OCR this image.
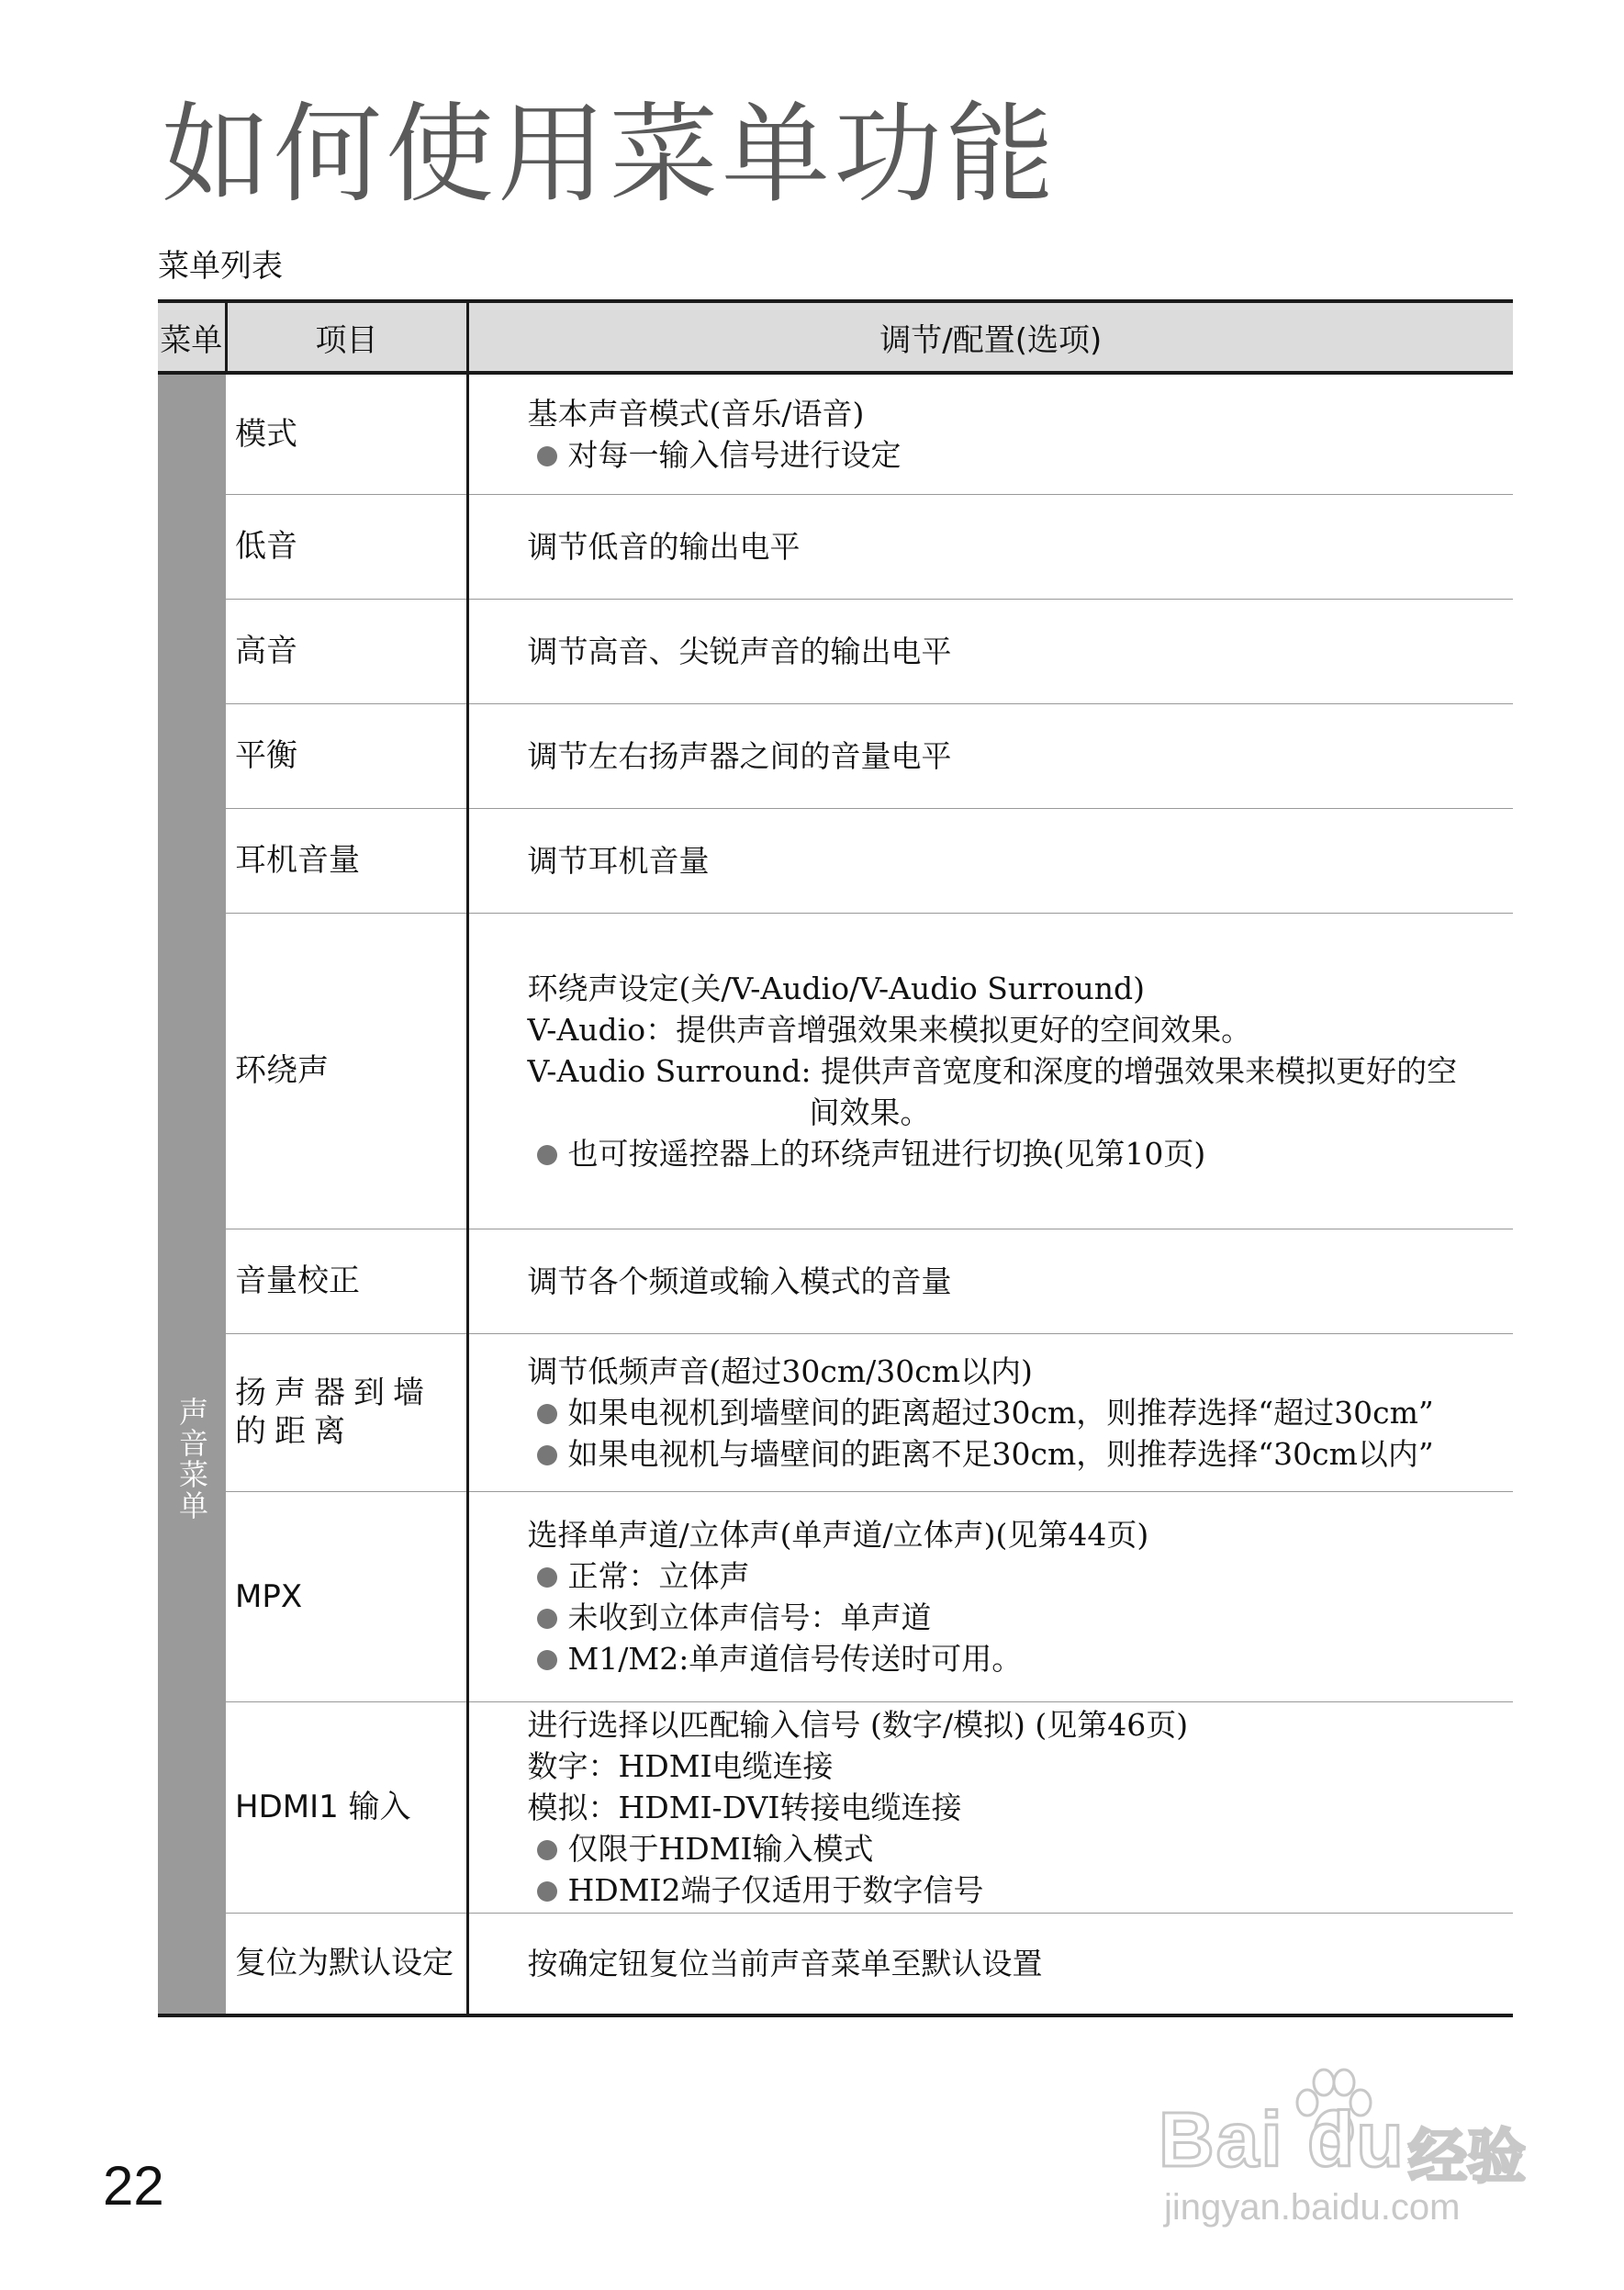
如何使用菜单功能
菜单列表
菜单	项目	调节/配置(选项)
声音菜单	模式	基本声音模式(音乐/语音)
对每一输入信号进行设定

	低音	调节低音的输出电平

	高音	调节高音、尖锐声音的输出电平

	平衡	调节左右扬声器之间的音量电平

	耳机音量	调节耳机音量

	环绕声	环绕声设定(关/V-Audio/V-Audio Surround)
V-Audio：提供声音增强效果来模拟更好的空间效果。
V-Audio Surround: 提供声音宽度和深度的增强效果来模拟更好的空
间效果。
也可按遥控器上的环绕声钮进行切换(见第10页)

	音量校正	调节各个频道或输入模式的音量

	扬声器到墙的距离	调节低频声音(超过30cm/30cm以内)
如果电视机到墙壁间的距离超过30cm，则推荐选择“超过30cm”
如果电视机与墙壁间的距离不足30cm，则推荐选择“30cm以内”

	MPX	选择单声道/立体声(单声道/立体声)(见第44页)
正常：立体声
未收到立体声信号：单声道
M1/M2:单声道信号传送时可用。

	HDMI1 输入	进行选择以匹配输入信号 (数字/模拟) (见第46页)
数字：HDMI电缆连接
模拟：HDMI-DVI转接电缆连接
仅限于HDMI输入模式
HDMI2端子仅适用于数字信号

	复位为默认设定	按确定钮复位当前声音菜单至默认设置
22
Bai du 经验
jingyan.baidu.com
